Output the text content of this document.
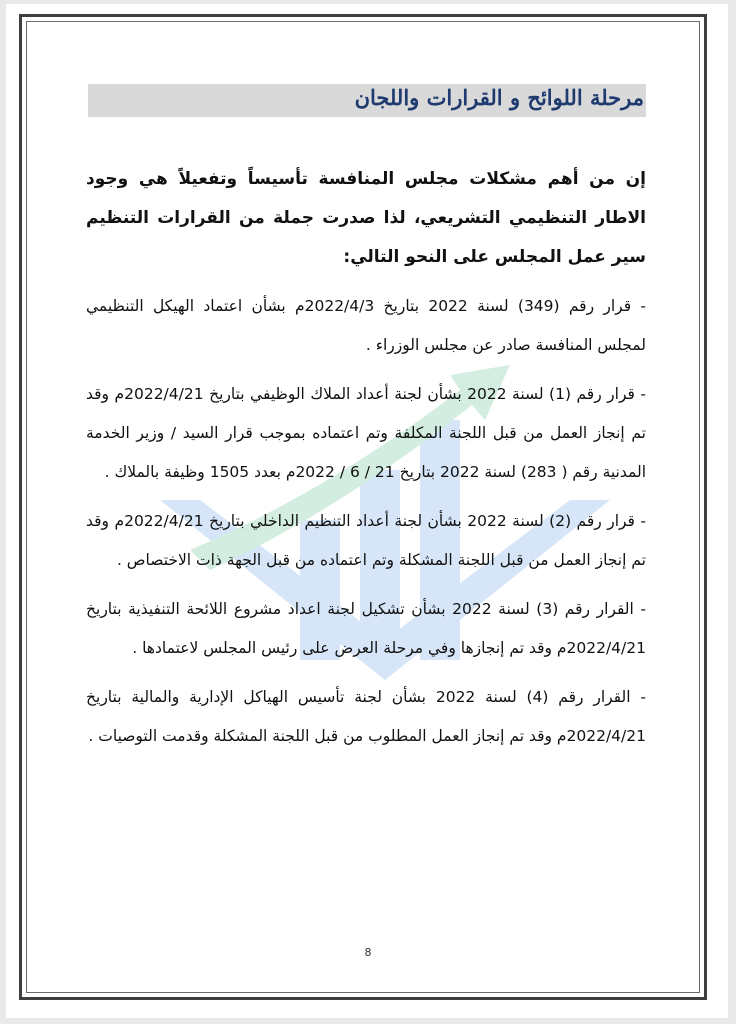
مرحلة اللوائح و القرارات واللجان

إن من أهم مشكلات مجلس المنافسة تأسيساً وتفعيلاً هي وجود الاطار التنظيمي التشريعي، لذا صدرت جملة من القرارات التنظيم سير عمل المجلس على النحو التالي:

- قرار رقم (349) لسنة 2022 بتاريخ 2022/4/3م بشأن اعتماد الهيكل التنظيمي لمجلس المنافسة صادر عن مجلس الوزراء .

- قرار رقم (1) لسنة 2022 بشأن لجنة أعداد الملاك الوظيفي بتاريخ 2022/4/21م وقد تم إنجاز العمل من قبل اللجنة المكلفة وتم اعتماده بموجب قرار السيد / وزير الخدمة المدنية رقم ( 283) لسنة 2022 بتاريخ 21 / 6 / 2022م بعدد 1505 وظيفة بالملاك .

- قرار رقم (2) لسنة 2022 بشأن لجنة أعداد التنظيم الداخلي بتاريخ 2022/4/21م وقد تم إنجاز العمل من قبل اللجنة المشكلة وتم اعتماده من قبل الجهة ذات الاختصاص .

- القرار رقم (3) لسنة 2022 بشأن تشكيل لجنة اعداد مشروع اللائحة التنفيذية بتاريخ 2022/4/21م وقد تم إنجازها وفي مرحلة العرض على رئيس المجلس لاعتمادها .

- القرار رقم (4) لسنة 2022 بشأن لجنة تأسيس الهياكل الإدارية والمالية بتاريخ 2022/4/21م وقد تم إنجاز العمل المطلوب من قبل اللجنة المشكلة وقدمت التوصيات .

8
